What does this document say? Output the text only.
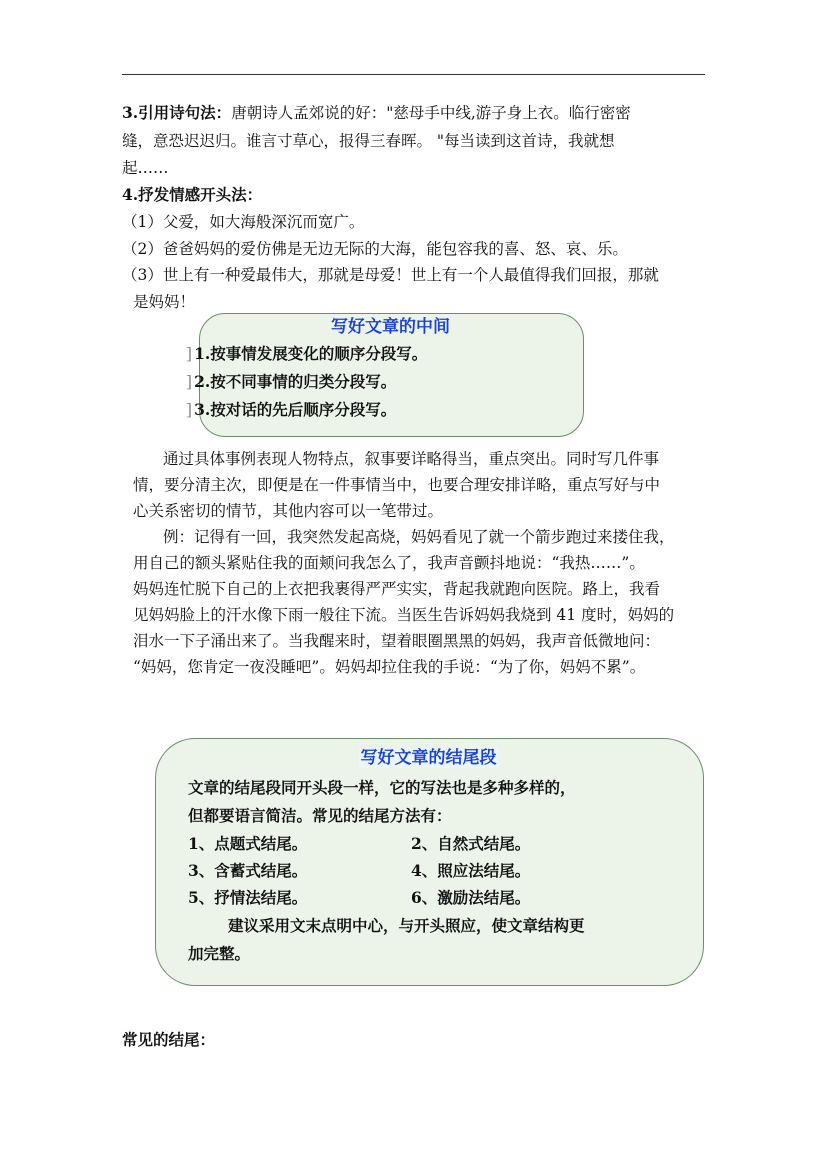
3.引用诗句法：唐朝诗人孟郊说的好："慈母手中线,游子身上衣。临行密密

缝，意恐迟迟归。谁言寸草心，报得三春晖。 "每当读到这首诗，我就想

起……

4.抒发情感开头法：

（1）父爱，如大海般深沉而宽广。

（2）爸爸妈妈的爱仿佛是无边无际的大海，能包容我的喜、怒、哀、乐。

（3）世上有一种爱最伟大，那就是母爱！世上有一个人最值得我们回报，那就

是妈妈！

写好文章的中间
] 1.按事情发展变化的顺序分段写。
] 2.按不同事情的归类分段写。
] 3.按对话的先后顺序分段写。

通过具体事例表现人物特点，叙事要详略得当，重点突出。同时写几件事

情，要分清主次，即便是在一件事情当中，也要合理安排详略，重点写好与中

心关系密切的情节，其他内容可以一笔带过。

例：记得有一回，我突然发起高烧，妈妈看见了就一个箭步跑过来搂住我，

用自己的额头紧贴住我的面颊问我怎么了，我声音颤抖地说：“我热……”。

妈妈连忙脱下自己的上衣把我裹得严严实实，背起我就跑向医院。路上，我看

见妈妈脸上的汗水像下雨一般往下流。当医生告诉妈妈我烧到 41 度时，妈妈的

泪水一下子涌出来了。当我醒来时，望着眼圈黑黑的妈妈，我声音低微地问：

“妈妈，您肯定一夜没睡吧”。妈妈却拉住我的手说：“为了你，妈妈不累”。

写好文章的结尾段
文章的结尾段同开头段一样，它的写法也是多种多样的，
但都要语言简洁。常见的结尾方法有：
1、点题式结尾。	2、自然式结尾。
3、含蓄式结尾。	4、照应法结尾。
5、抒情法结尾。	6、激励法结尾。
建议采用文末点明中心，与开头照应，使文章结构更
加完整。

常见的结尾：
